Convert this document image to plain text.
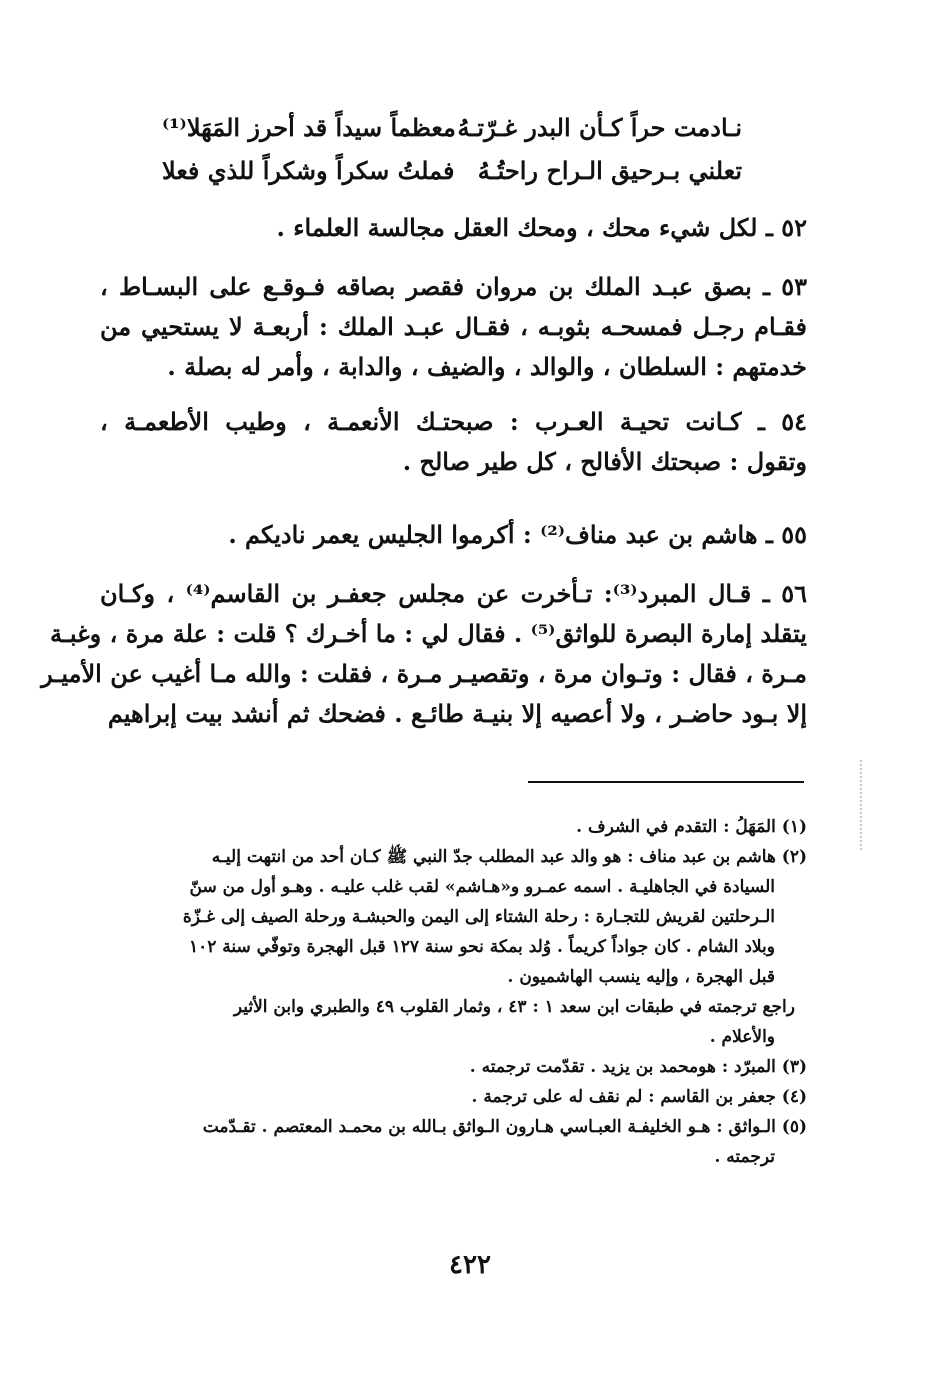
نـادمت حراً كـأن البدر غـرّتـهُ
معظماً سيداً قد أحرز المَهَلا⁽¹⁾
تعلني بـرحيق الـراح راحتُـهُ
فملتُ سكراً وشكراً للذي فعلا
٥٢ ـ لكل شيء محك ، ومحك العقل مجالسة العلماء .
٥٣ ـ بصق عبـد الملك بن مروان فقصر بصاقه فـوقـع على البسـاط ،
فقـام رجـل فمسحـه بثوبـه ، فقـال عبـد الملك : أربعـة لا يستحيي من
خدمتهم : السلطان ، والوالد ، والضيف ، والدابة ، وأمر له بصلة .
٥٤ ـ كـانت تحيـة العـرب : صبحتـك الأنعمـة ، وطيب الأطعمـة ،
وتقول : صبحتك الأفالح ، كل طير صالح .
٥٥ ـ هاشم بن عبد مناف⁽²⁾ : أكرموا الجليس يعمر ناديكم .
٥٦ ـ قـال المبرد⁽³⁾: تـأخرت عن مجلس جعفـر بن القاسم⁽⁴⁾ ، وكـان
يتقلد إمارة البصرة للواثق⁽⁵⁾ . فقال لي : ما أخـرك ؟ قلت : علة مرة ، وغبـة
مـرة ، فقال : وتـوان مرة ، وتقصيـر مـرة ، فقلت : والله مـا أغيب عن الأميـر
إلا بـود حاضـر ، ولا أعصيه إلا بنيـة طائـع . فضحك ثم أنشد بيت إبراهيم
(١) المَهَلُ : التقدم في الشرف .
(٢) هاشم بن عبد مناف : هو والد عبد المطلب جدّ النبي ﷺ كـان أحد من انتهت إليـه
السيادة في الجاهليـة . اسمه عمـرو و«هـاشم» لقب غلب عليـه . وهـو أول من سنّ
الـرحلتين لقريش للتجـارة : رحلة الشتاء إلى اليمن والحبشـة ورحلة الصيف إلى غـزّة
وبلاد الشام . كان جواداً كريماً . وُلد بمكة نحو سنة ١٢٧ قبل الهجرة وتوفّي سنة ١٠٢
قبل الهجرة ، وإليه ينسب الهاشميون .
راجع ترجمته في طبقات ابن سعد ١ : ٤٣ ، وثمار القلوب ٤٩ والطبري وابن الأثير
والأعلام .
(٣) المبرّد : هومحمد بن يزيد . تقدّمت ترجمته .
(٤) جعفر بن القاسم : لم نقف له على ترجمة .
(٥) الـواثق : هـو الخليفـة العبـاسي هـارون الـواثق بـالله بن محمـد المعتصم . تقـدّمت
ترجمته .
٤٢٢
